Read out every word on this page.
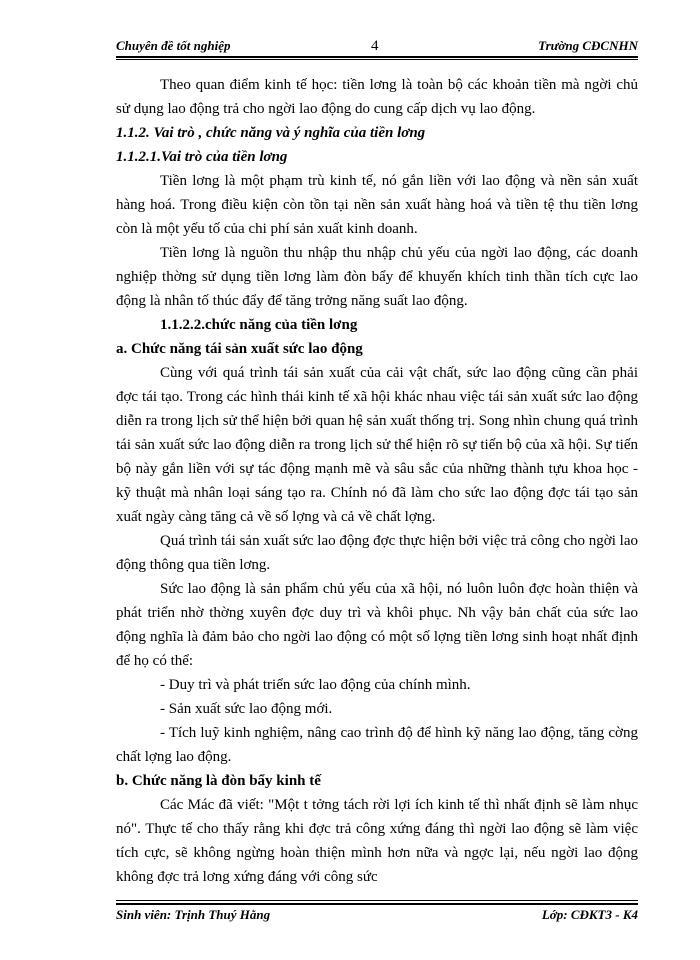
Chuyên đề tốt nghiệp	4	Trường CĐCNHN

Theo quan điểm kinh tế học: tiền lơng là toàn bộ các khoản tiền mà ngời chủ sử dụng lao động trả cho ngời lao động do cung cấp dịch vụ lao động.

1.1.2. Vai trò , chức năng và ý nghĩa của tiền lơng

1.1.2.1.Vai trò của tiền lơng

Tiền lơng là một phạm trù kinh tế, nó gắn liền với lao động và nền sản xuất hàng hoá. Trong điều kiện còn tồn tại nền sản xuất hàng hoá và tiền tệ thu tiền lơng còn là một yếu tố của chi phí sản xuất kinh doanh.

Tiền lơng là nguồn thu nhập thu nhập chủ yếu của ngời lao động, các doanh nghiệp thờng sử dụng tiền lơng làm đòn bẩy để khuyến khích tinh thần tích cực lao động là nhân tố thúc đẩy để tăng trởng năng suất lao động.

1.1.2.2.chức năng của tiền lơng

a. Chức năng tái sản xuất sức lao động

Cùng với quá trình tái sản xuất của cải vật chất, sức lao động cũng cần phải đợc tái tạo. Trong các hình thái kinh tế xã hội khác nhau việc tái sản xuất sức lao động diễn ra trong lịch sử thể hiện bởi quan hệ sản xuất thống trị. Song nhìn chung quá trình tái sản xuất sức lao động diễn ra trong lịch sử thể hiện rõ sự tiến bộ của xã hội. Sự tiến bộ này gắn liền với sự tác động mạnh mẽ và sâu sắc của những thành tựu khoa học - kỹ thuật mà nhân loại sáng tạo ra. Chính nó đã làm cho sức lao động đợc tái tạo sản xuất ngày càng tăng cả về số lợng và cả về chất lợng.

Quá trình tái sản xuất sức lao động đợc thực hiện bởi việc trả công cho ngời lao động thông qua tiền lơng.

Sức lao động là sản phẩm chủ yếu của xã hội, nó luôn luôn đợc hoàn thiện và phát triển nhờ thờng xuyên đợc duy trì và khôi phục. Nh vậy bản chất của sức lao động nghĩa là đảm bảo cho ngời lao động có một số lợng tiền lơng sinh hoạt nhất định để họ có thể:

- Duy trì và phát triển sức lao động của chính mình.

- Sản xuất sức lao động mới.

- Tích luỹ kinh nghiệm, nâng cao trình độ để hình kỹ năng lao động, tăng cờng chất lợng lao động.

b. Chức năng là đòn bẩy kinh tế

Các Mác đã viết: "Một t tởng tách rời lợi ích kinh tế thì nhất định sẽ làm nhục nó". Thực tế cho thấy rằng khi đợc trả công xứng đáng thì ngời lao động sẽ làm việc tích cực, sẽ không ngừng hoàn thiện mình hơn nữa và ngợc lại, nếu ngời lao động không đợc trả lơng xứng đáng với công sức

Sinh viên: Trịnh Thuý Hằng	Lớp: CĐKT3 - K4
